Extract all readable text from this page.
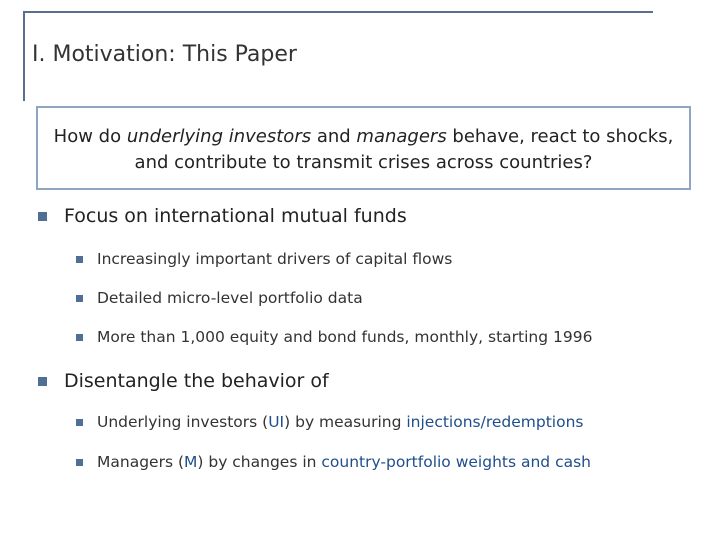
I. Motivation: This Paper
How do underlying investors and managers behave, react to shocks, and contribute to transmit crises across countries?
Focus on international mutual funds
Increasingly important drivers of capital flows
Detailed micro-level portfolio data
More than 1,000 equity and bond funds, monthly, starting 1996
Disentangle the behavior of
Underlying investors (UI) by measuring injections/redemptions
Managers (M) by changes in country-portfolio weights and cash
